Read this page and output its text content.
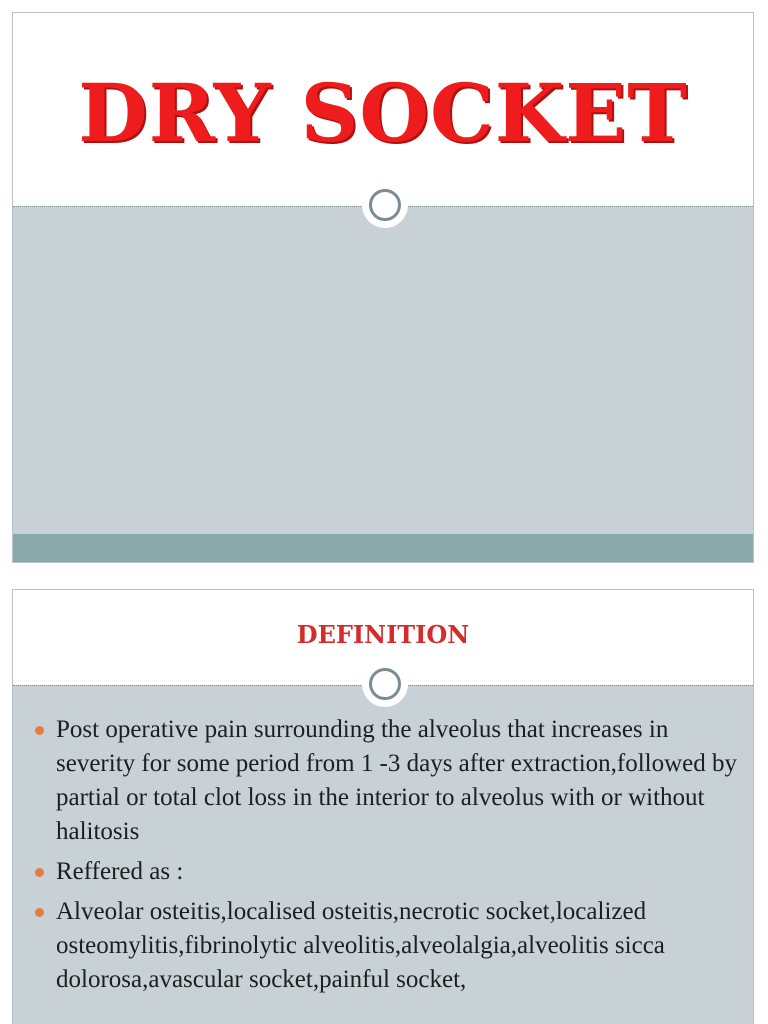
DRY SOCKET
DEFINITION
Post operative pain surrounding the alveolus that increases in severity for some period from 1 -3 days after extraction,followed by partial or total clot loss in the interior to alveolus with or without halitosis
Reffered as :
Alveolar osteitis,localised osteitis,necrotic socket,localized osteomylitis,fibrinolytic alveolitis,alveolalgia,alveolitis sicca dolorosa,avascular socket,painful socket,
